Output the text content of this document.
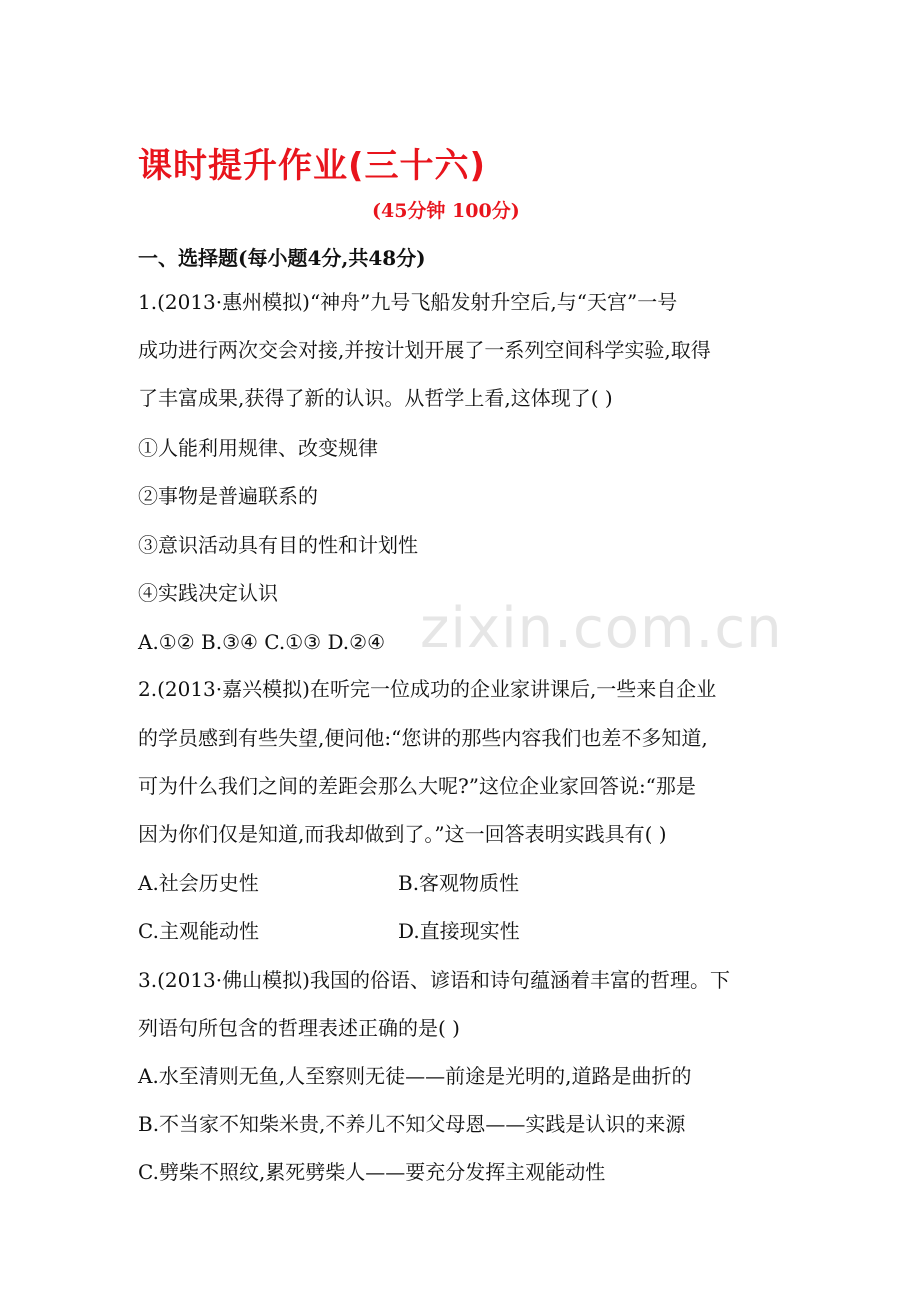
课时提升作业(三十六)
(45分钟 100分)
一、选择题(每小题4分,共48分)
1.(2013·惠州模拟)“神舟”九号飞船发射升空后,与“天宫”一号
成功进行两次交会对接,并按计划开展了一系列空间科学实验,取得
了丰富成果,获得了新的认识。从哲学上看,这体现了( )
①人能利用规律、改变规律
②事物是普遍联系的
③意识活动具有目的性和计划性
④实践决定认识
A.①② B.③④ C.①③ D.②④
2.(2013·嘉兴模拟)在听完一位成功的企业家讲课后,一些来自企业
的学员感到有些失望,便问他:“您讲的那些内容我们也差不多知道,
可为什么我们之间的差距会那么大呢?”这位企业家回答说:“那是
因为你们仅是知道,而我却做到了。”这一回答表明实践具有( )
A.社会历史性	B.客观物质性
C.主观能动性	D.直接现实性
3.(2013·佛山模拟)我国的俗语、谚语和诗句蕴涵着丰富的哲理。下
列语句所包含的哲理表述正确的是( )
A.水至清则无鱼,人至察则无徒——前途是光明的,道路是曲折的
B.不当家不知柴米贵,不养儿不知父母恩——实践是认识的来源
C.劈柴不照纹,累死劈柴人——要充分发挥主观能动性
zixin.com.cn
